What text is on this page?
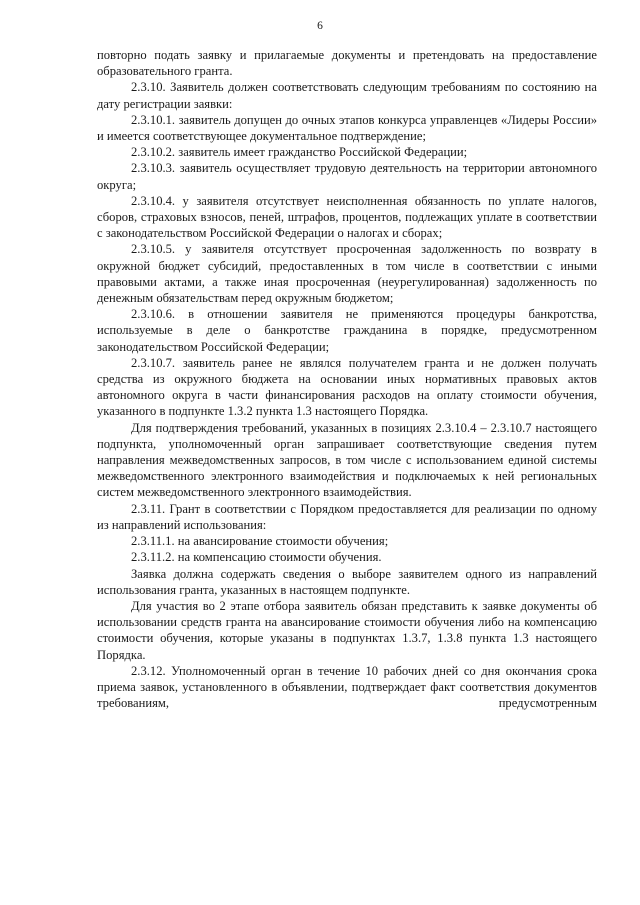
6

повторно подать заявку и прилагаемые документы и претендовать на предоставление образовательного гранта.

2.3.10. Заявитель должен соответствовать следующим требованиям по состоянию на дату регистрации заявки:

2.3.10.1. заявитель допущен до очных этапов конкурса управленцев «Лидеры России» и имеется соответствующее документальное подтверждение;

2.3.10.2. заявитель имеет гражданство Российской Федерации;

2.3.10.3. заявитель осуществляет трудовую деятельность на территории автономного округа;

2.3.10.4. у заявителя отсутствует неисполненная обязанность по уплате налогов, сборов, страховых взносов, пеней, штрафов, процентов, подлежащих уплате в соответствии с законодательством Российской Федерации о налогах и сборах;

2.3.10.5. у заявителя отсутствует просроченная задолженность по возврату в окружной бюджет субсидий, предоставленных в том числе в соответствии с иными правовыми актами, а также иная просроченная (неурегулированная) задолженность по денежным обязательствам перед окружным бюджетом;

2.3.10.6. в отношении заявителя не применяются процедуры банкротства, используемые в деле о банкротстве гражданина в порядке, предусмотренном законодательством Российской Федерации;

2.3.10.7. заявитель ранее не являлся получателем гранта и не должен получать средства из окружного бюджета на основании иных нормативных правовых актов автономного округа в части финансирования расходов на оплату стоимости обучения, указанного в подпункте 1.3.2 пункта 1.3 настоящего Порядка.

Для подтверждения требований, указанных в позициях 2.3.10.4 – 2.3.10.7 настоящего подпункта, уполномоченный орган запрашивает соответствующие сведения путем направления межведомственных запросов, в том числе с использованием единой системы межведомственного электронного взаимодействия и подключаемых к ней региональных систем межведомственного электронного взаимодействия.

2.3.11. Грант в соответствии с Порядком предоставляется для реализации по одному из направлений использования:

2.3.11.1. на авансирование стоимости обучения;

2.3.11.2. на компенсацию стоимости обучения.

Заявка должна содержать сведения о выборе заявителем одного из направлений использования гранта, указанных в настоящем подпункте.

Для участия во 2 этапе отбора заявитель обязан представить к заявке документы об использовании средств гранта на авансирование стоимости обучения либо на компенсацию стоимости обучения, которые указаны в подпунктах 1.3.7, 1.3.8 пункта 1.3 настоящего Порядка.

2.3.12. Уполномоченный орган в течение 10 рабочих дней со дня окончания срока приема заявок, установленного в объявлении, подтверждает факт соответствия документов требованиям, предусмотренным
